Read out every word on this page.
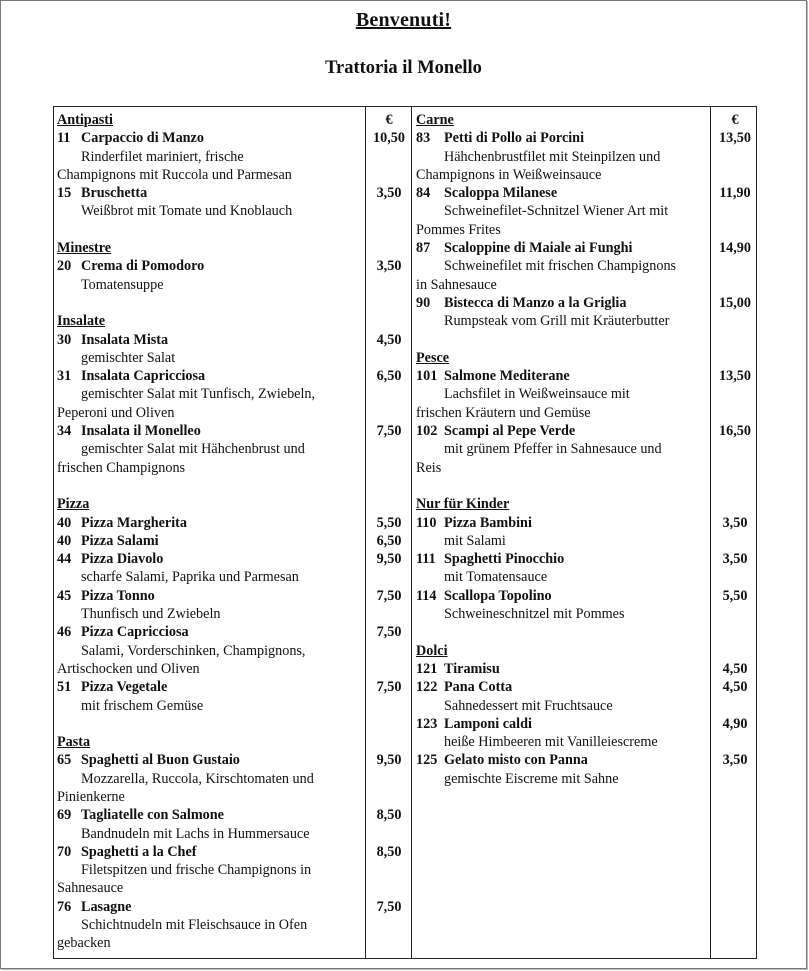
Benvenuti!
Trattoria il Monello
Antipasti
11 Carpaccio di Manzo
Rinderfilet mariniert, frische
Champignons mit Ruccola und Parmesan
15 Bruschetta
Weißbrot mit Tomate und Knoblauch
Minestre
20 Crema di Pomodoro
Tomatensuppe
Insalate
30 Insalata Mista
gemischter Salat
31 Insalata Capricciosa
gemischter Salat mit Tunfisch, Zwiebeln,
Peperoni und Oliven
34 Insalata il Monelleo
gemischter Salat mit Hähchenbrust und
frischen Champignons
Pizza
40 Pizza Margherita
40 Pizza Salami
44 Pizza Diavolo
scharfe Salami, Paprika und Parmesan
45 Pizza Tonno
Thunfisch und Zwiebeln
46 Pizza Capricciosa
Salami, Vorderschinken, Champignons,
Artischocken und Oliven
51 Pizza Vegetale
mit frischem Gemüse
Pasta
65 Spaghetti al Buon Gustaio
Mozzarella, Ruccola, Kirschtomaten und
Pinienkerne
69 Tagliatelle con Salmone
Bandnudeln mit Lachs in Hummersauce
70 Spaghetti a la Chef
Filetspitzen und frische Champignons in
Sahnesauce
76 Lasagne
Schichtnudeln mit Fleischsauce in Ofen
gebacken
€
10,50
3,50
3,50
4,50
6,50
7,50
5,50
6,50
9,50
7,50
7,50
7,50
9,50
8,50
8,50
7,50
Carne
83 Petti di Pollo ai Porcini
Hähchenbrustfilet mit Steinpilzen und
Champignons in Weißweinsauce
84 Scaloppa Milanese
Schweinefilet-Schnitzel Wiener Art mit
Pommes Frites
87 Scaloppine di Maiale ai Funghi
Schweinefilet mit frischen Champignons
in Sahnesauce
90 Bistecca di Manzo a la Griglia
Rumpsteak vom Grill mit Kräuterbutter
Pesce
101 Salmone Mediterane
Lachsfilet in Weißweinsauce mit
frischen Kräutern und Gemüse
102 Scampi al Pepe Verde
mit grünem Pfeffer in Sahnesauce und
Reis
Nur für Kinder
110 Pizza Bambini
mit Salami
111 Spaghetti Pinocchio
mit Tomatensauce
114 Scallopa Topolino
Schweineschnitzel mit Pommes
Dolci
121 Tiramisu
122 Pana Cotta
Sahnedessert mit Fruchtsauce
123 Lamponi caldi
heiße Himbeeren mit Vanilleiescreme
125 Gelato misto con Panna
gemischte Eiscreme mit Sahne
€
13,50
11,90
14,90
15,00
13,50
16,50
3,50
3,50
5,50
4,50
4,50
4,90
3,50
